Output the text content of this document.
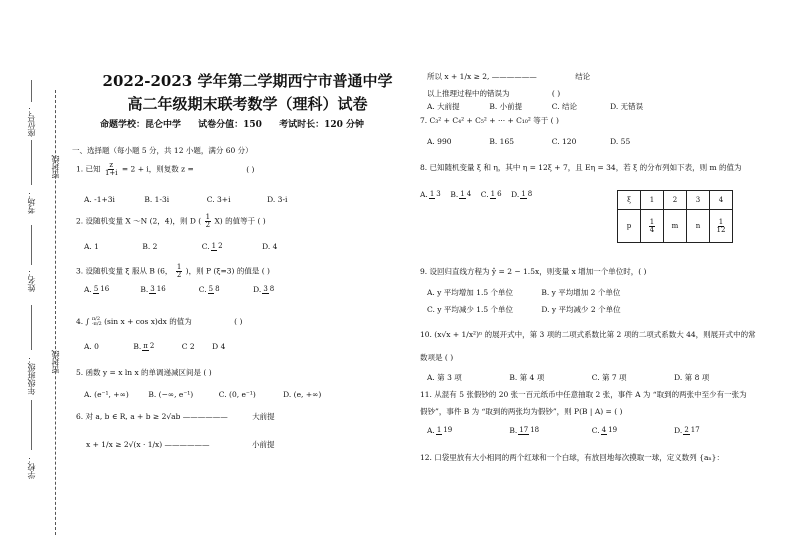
座位号：
考场：
姓名：
年级班级：
学校：
密封线
密封线
2022-2023 学年第二学期西宁市普通中学
高二年级期末联考数学（理科）试卷
命题学校：昆仑中学 试卷分值：150 考试时长：120 分钟
一、选择题（每小题 5 分，共 12 小题，满分 60 分）
1. 已知 $\frac{z}{1+i} = 2 + i$，则复数 z =	( )
A. -1+3i	B. 1-3i	C. 3+i	D. 3-i
2. 设随机变量 X ～N (2，4)，则 D ( $\frac{1}{2} X$) 的值等于 ( )
A. 1	B. 2	C. 1 2	D. 4
3. 设随机变量 ξ 服从 B (6， $\frac{1}{2}$ )，则 P (ξ=3) 的值是 ( )
A. 5 16	B. 3 16	C. 5 8	D. 3 8
4. ∫ π/2
-π/2 (sin x + cos x)dx 的值为	( )
A. 0	B. π 2	C 2 D 4
5. 函数 y = x ln x 的单调递减区间是 ( )
A. (e⁻¹, +∞)	B. (−∞, e⁻¹)	C. (0, e⁻¹)	D. (e, +∞)
6. 对 a, b ∈ R, a + b ≥ 2√ab ——————	大前提
x + 1/x ≥ 2√(x · 1/x) ——————	小前提
所以 x + 1/x ≥ 2, ——————	结论
以上推理过程中的错误为	( )
A. 大前提	B. 小前提	C. 结论	D. 无错误
7. C₃² + C₄² + C₅² + ··· + C₁₀² 等于 ( )
A. 990	B. 165	C. 120	D. 55
8. 已知随机变量 ξ 和 η，其中 η = 12ξ + 7，且 Eη = 34，若 ξ 的分布列如下表，则 m 的值为
A. 1 3 B. 1 4 C. 1 6 D. 1 8
ξ	1	2	3	4
p	$\frac{1}{4}$	m	n	$\frac{1}{12}$
9. 设回归直线方程为 ŷ = 2 − 1.5x，则变量 x 增加一个单位时，( )
A. y 平均增加 1.5 个单位	B. y 平均增加 2 个单位
C. y 平均减少 1.5 个单位	D. y 平均减少 2 个单位
10. (x√x + 1/x²)ⁿ 的展开式中，第 3 项的二项式系数比第 2 项的二项式系数大 44，则展开式中的常
数项是 ( )
A. 第 3 项	B. 第 4 项	C. 第 7 项	D. 第 8 项
11. 从混有 5 张假钞的 20 张一百元纸币中任意抽取 2 张，事件 A 为 “取到的两张中至少有一张为
假钞”，事件 B 为 “取到的两张均为假钞”，则 P(B | A) = ( )
A. 1 19	B. 17 18	C. 4 19	D. 2 17
12. 口袋里放有大小相同的两个红球和一个白球，有放回地每次摸取一球，定义数列 {aₙ}：
